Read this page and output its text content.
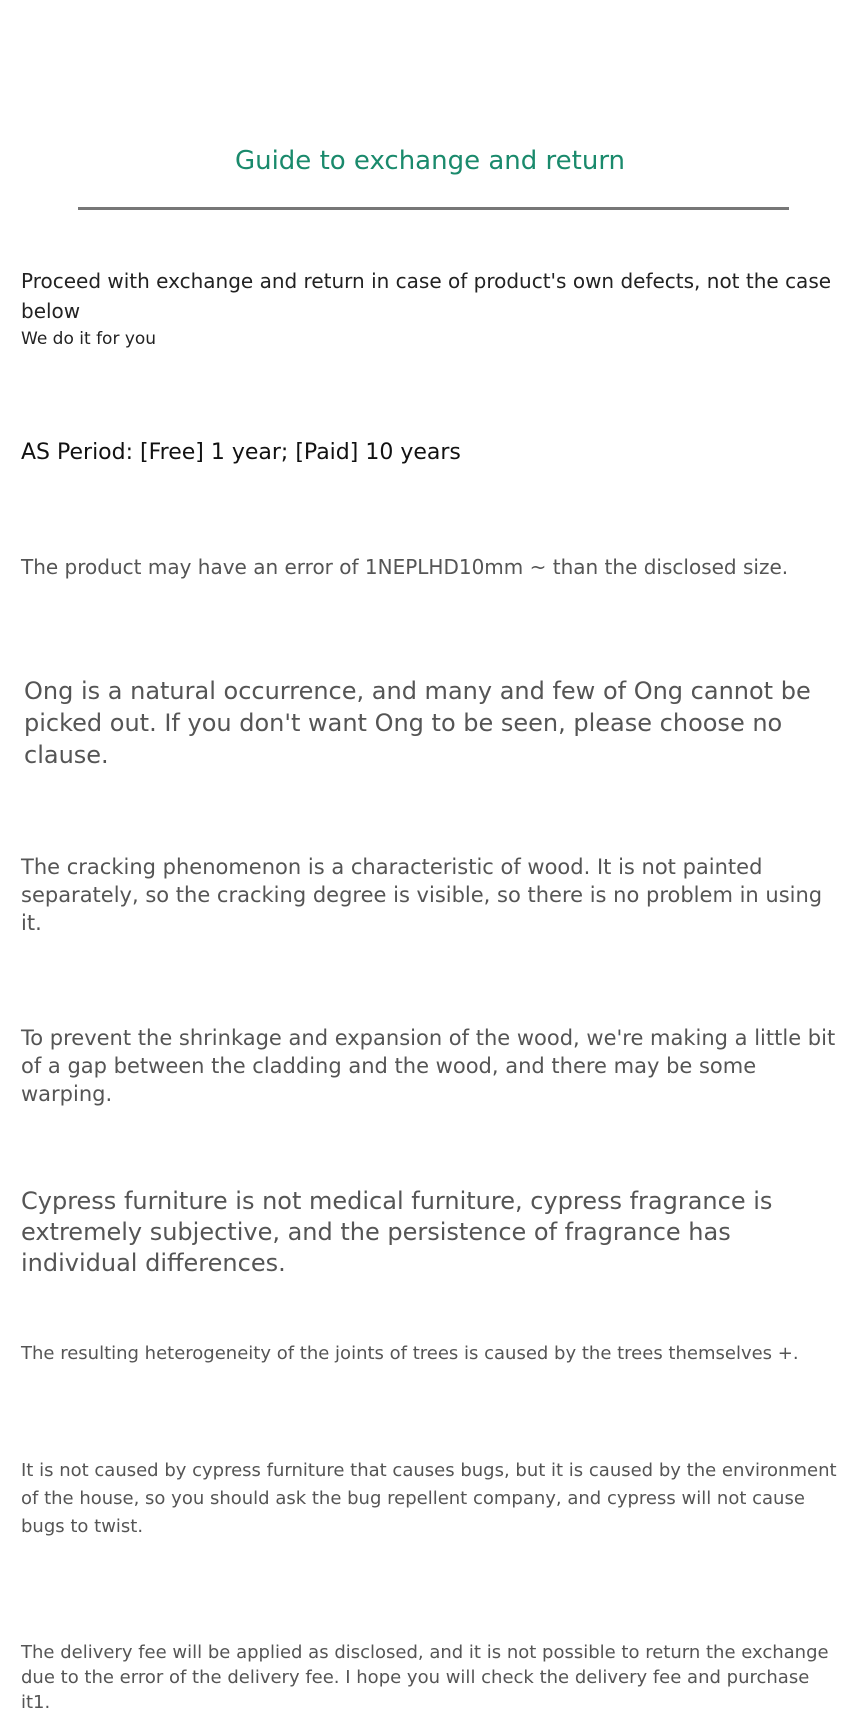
Guide to exchange and return

Proceed with exchange and return in case of product's own defects, not the case below

We do it for you

AS Period: [Free] 1 year; [Paid] 10 years

The product may have an error of 1NEPLHD10mm ~ than the disclosed size.

Ong is a natural occurrence, and many and few of Ong cannot be picked out. If you don't want Ong to be seen, please choose no clause.

The cracking phenomenon is a characteristic of wood. It is not painted separately, so the cracking degree is visible, so there is no problem in using it.

To prevent the shrinkage and expansion of the wood, we're making a little bit of a gap between the cladding and the wood, and there may be some warping.

Cypress furniture is not medical furniture, cypress fragrance is extremely subjective, and the persistence of fragrance has individual differences.

The resulting heterogeneity of the joints of trees is caused by the trees themselves +.

It is not caused by cypress furniture that causes bugs, but it is caused by the environment of the house, so you should ask the bug repellent company, and cypress will not cause bugs to twist.

The delivery fee will be applied as disclosed, and it is not possible to return the exchange due to the error of the delivery fee. I hope you will check the delivery fee and purchase it1.
